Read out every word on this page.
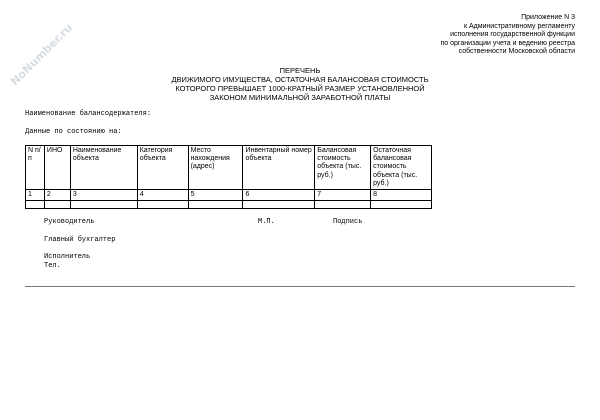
NoNumber.ru
Приложение N 3
к Административному регламенту
исполнения государственной функции
по организации учета и ведению реестра
собственности Московской области
ПЕРЕЧЕНЬ
ДВИЖИМОГО ИМУЩЕСТВА, ОСТАТОЧНАЯ БАЛАНСОВАЯ СТОИМОСТЬ
КОТОРОГО ПРЕВЫШАЕТ 1000-КРАТНЫЙ РАЗМЕР УСТАНОВЛЕННОЙ
ЗАКОНОМ МИНИМАЛЬНОЙ ЗАРАБОТНОЙ ПЛАТЫ
Наименование балансодержателя:
Данные по состоянию на:
N п/п	ИНО	Наименование объекта	Категория объекта	Место нахождения (адрес)	Инвентарный номер объекта	Балансовая стоимость объекта (тыс. руб.)	Остаточная балансовая стоимость объекта (тыс. руб.)
1	2	3	4	5	6	7	8

Руководитель	М.П.	Подпись
Главный бухгалтер
Исполнитель
Тел.
